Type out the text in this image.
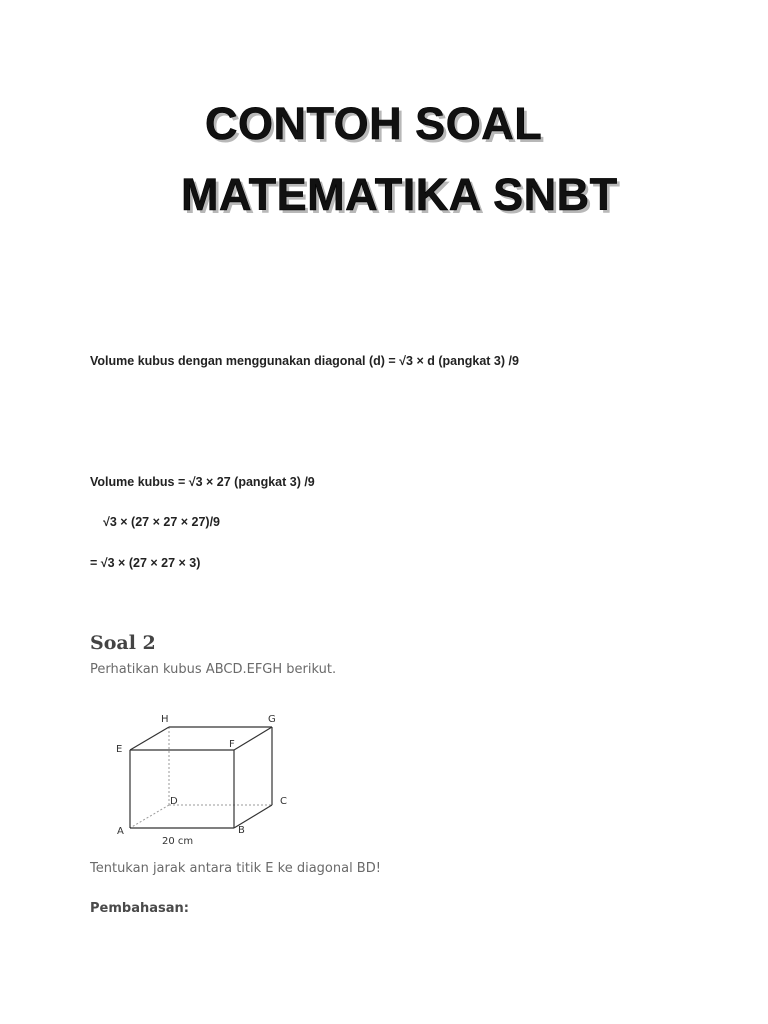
CONTOH SOAL
MATEMATIKA SNBT

Volume kubus dengan menggunakan diagonal (d) = √3 × d (pangkat 3) /9

Volume kubus = √3 × 27 (pangkat 3) /9

√3 × (27 × 27 × 27)/9

= √3 × (27 × 27 × 3)

Soal 2

Perhatikan kubus ABCD.EFGH berikut.

H	G
E	F
D	C
A	B
20 cm

Tentukan jarak antara titik E ke diagonal BD!

Pembahasan:
